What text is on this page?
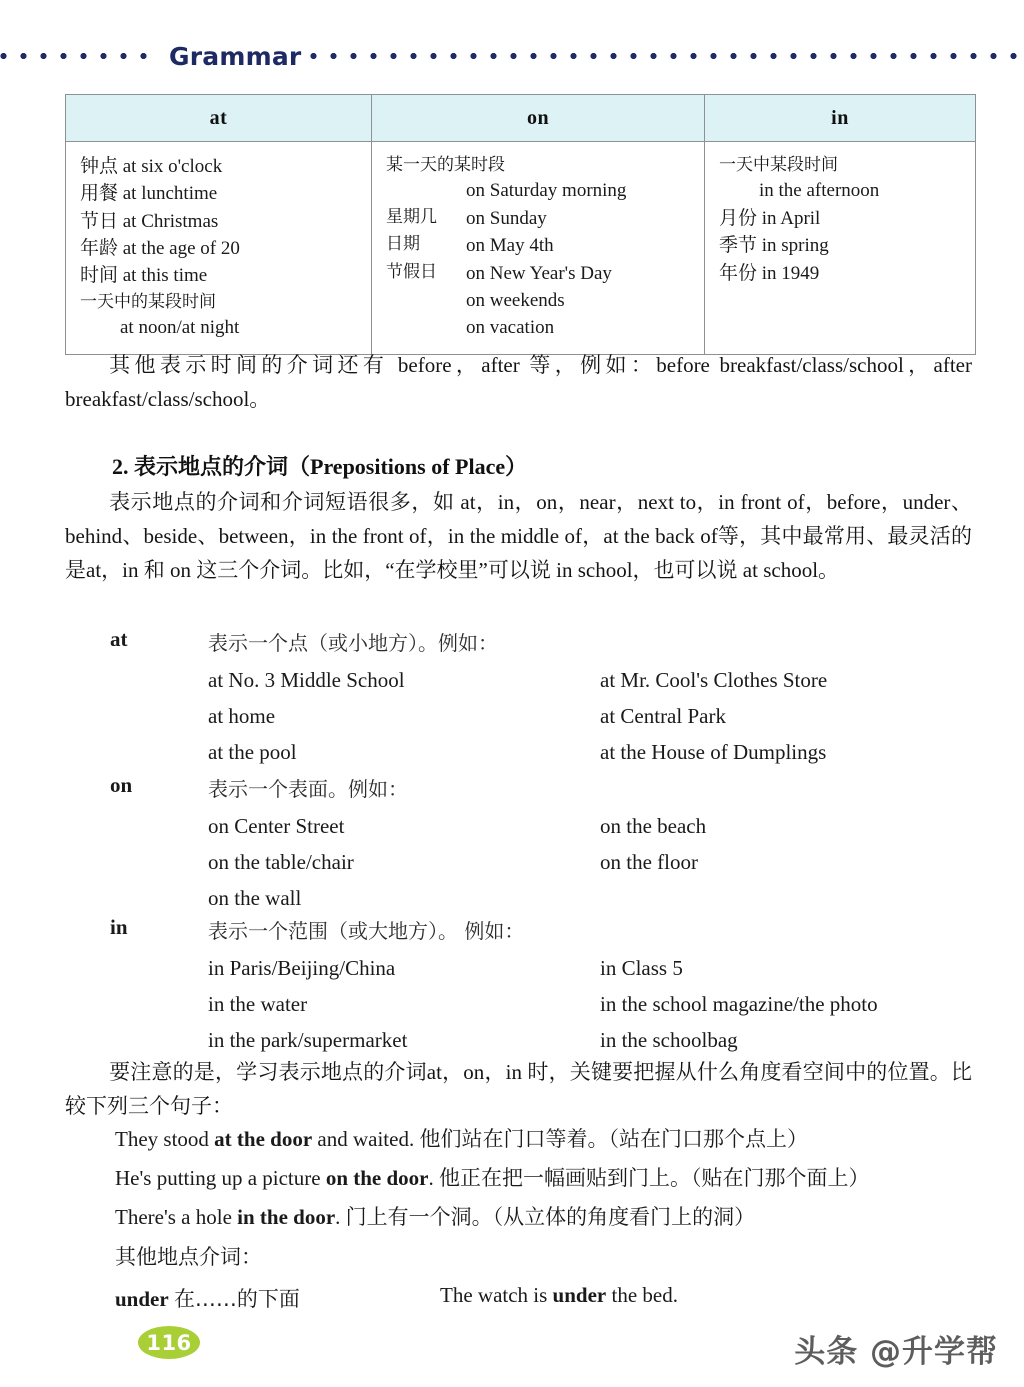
Grammar
at	on	in

钟点 at six o'clock
用餐 at lunchtime
节日 at Christmas
年龄 at the age of 20
时间 at this time
一天中的某段时间
at noon/at night

某一天的某时段
on Saturday morning
星期几	on Sunday
日期	on May 4th
节假日	on New Year's Day
on weekends
on vacation

一天中某段时间
in the afternoon
月份 in April
季节 in spring
年份 in 1949
其他表示时间的介词还有 before，after 等，例如：before breakfast/class/school，after breakfast/class/school。
2. 表示地点的介词（Prepositions of Place）
表示地点的介词和介词短语很多，如 at，in，on，near，next to，in front of，before，under、behind、beside、between，in the front of，in the middle of，at the back of等，其中最常用、最灵活的是at，in 和 on 这三个介词。比如，“在学校里”可以说 in school，也可以说 at school。
at	表示一个点（或小地方）。例如：
at No. 3 Middle School	at Mr. Cool's Clothes Store
at home	at Central Park
at the pool	at the House of Dumplings
on	表示一个表面。例如：
on Center Street	on the beach
on the table/chair	on the floor
on the wall
in	表示一个范围（或大地方）。 例如：
in Paris/Beijing/China	in Class 5
in the water	in the school magazine/the photo
in the park/supermarket	in the schoolbag
要注意的是，学习表示地点的介词at，on，in 时，关键要把握从什么角度看空间中的位置。比较下列三个句子：
They stood at the door and waited. 他们站在门口等着。（站在门口那个点上）
He's putting up a picture on the door. 他正在把一幅画贴到门上。（贴在门那个面上）
There's a hole in the door. 门上有一个洞。（从立体的角度看门上的洞）
其他地点介词：
under 在……的下面	The watch is under the bed.
116	头条 @升学帮
